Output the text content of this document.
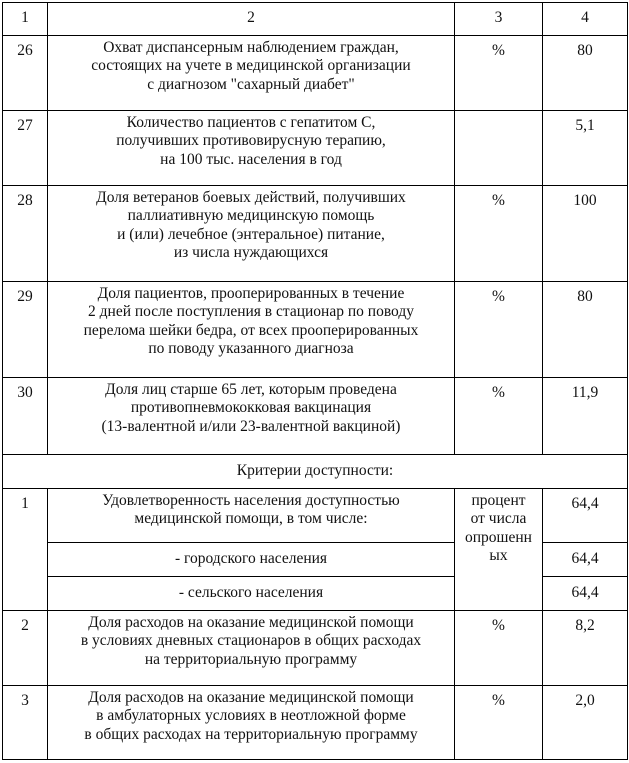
1	2	3	4
26	Охват диспансерным наблюдением граждан,
состоящих на учете в медицинской организации
с диагнозом "сахарный диабет"	%	80
27	Количество пациентов с гепатитом С,
получивших противовирусную терапию,
на 100 тыс. населения в год		5,1
28	Доля ветеранов боевых действий, получивших
паллиативную медицинскую помощь
и (или) лечебное (энтеральное) питание,
из числа нуждающихся	%	100
29	Доля пациентов, прооперированных в течение
2 дней после поступления в стационар по поводу
перелома шейки бедра, от всех прооперированных
по поводу указанного диагноза	%	80
30	Доля лиц старше 65 лет, которым проведена
противопневмококковая вакцинация
(13-валентной и/или 23-валентной вакциной)	%	11,9
Критерии доступности:			
1	Удовлетворенность населения доступностью
медицинской помощи, в том числе:	процент
от числа
опрошенн
ых	64,4
	- городского населения		64,4
	- сельского населения		64,4
2	Доля расходов на оказание медицинской помощи
в условиях дневных стационаров в общих расходах
на территориальную программу	%	8,2
3	Доля расходов на оказание медицинской помощи
в амбулаторных условиях в неотложной форме
в общих расходах на территориальную программу	%	2,0
